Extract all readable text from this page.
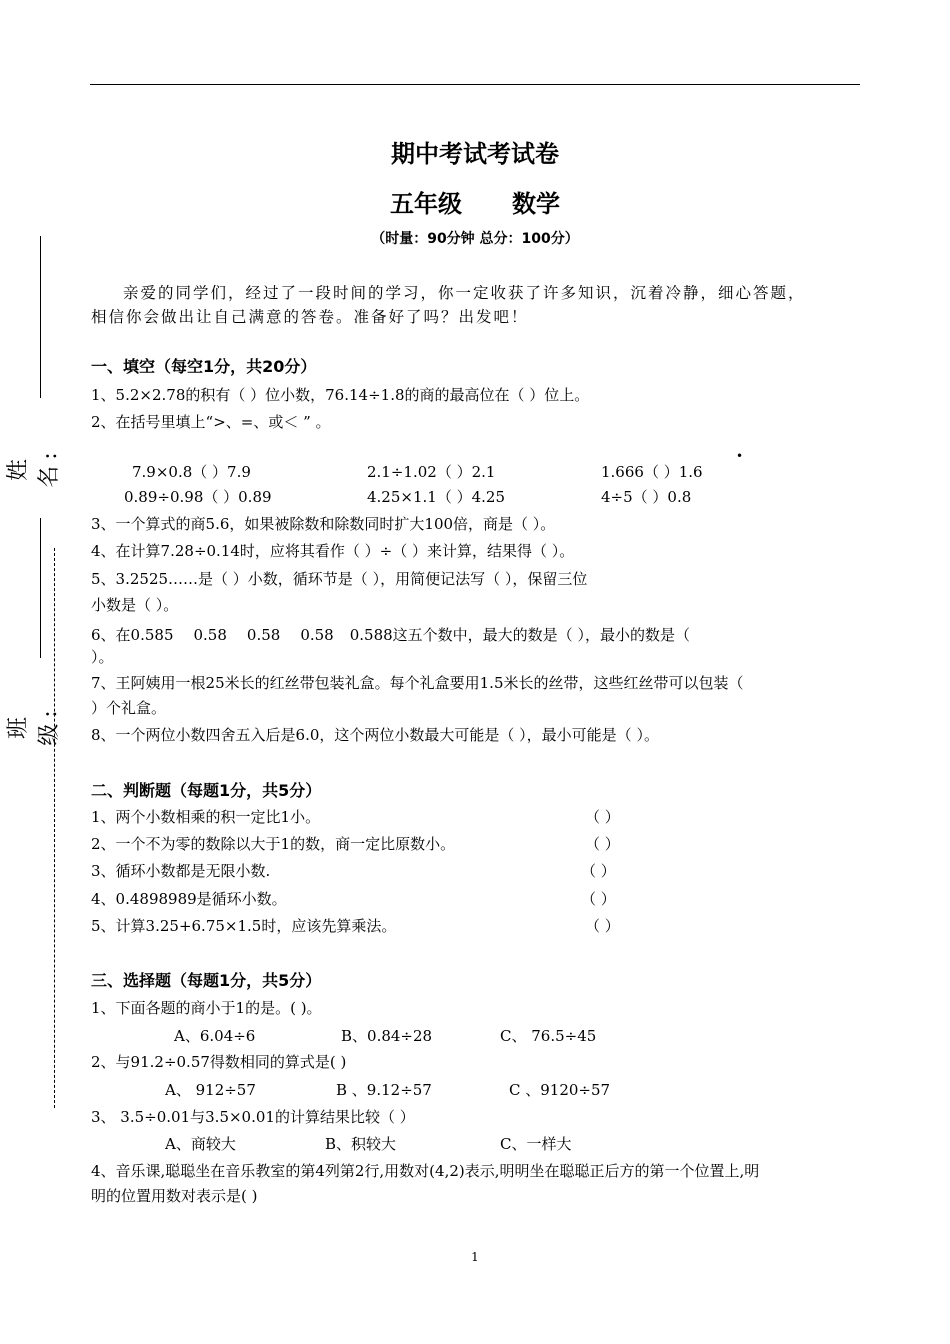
姓名:
班级:
期中考试考试卷
五年级 数学
（时量：90分钟 总分：100分）
亲爱的同学们，经过了一段时间的学习，你一定收获了许多知识，沉着冷静，细心答题，
相信你会做出让自己满意的答卷。准备好了吗？出发吧！
一、填空（每空1分，共20分）
1、5.2×2.78的积有（ ）位小数，76.14÷1.8的商的最高位在（ ）位上。
2、在括号里填上“>、=、或＜ ” 。
7.9×0.8（ ）7.9	2.1÷1.02（ ）2.1	1.666（ ）1.6
•
0.89÷0.98（ ）0.89	4.25×1.1（ ）4.25	4÷5（ ）0.8
3、一个算式的商5.6，如果被除数和除数同时扩大100倍，商是（ ）。
4、在计算7.28÷0.14时，应将其看作（ ）÷（ ）来计算，结果得（ ）。
5、3.2525……是（ ）小数，循环节是（ ），用简便记法写（ ），保留三位
小数是（ ）。
6、在0.585 0.58 0.58 0.58 0.588这五个数中，最大的数是（ ），最小的数是（
）。
7、王阿姨用一根25米长的红丝带包装礼盒。每个礼盒要用1.5米长的丝带，这些红丝带可以包装（
）个礼盒。
8、一个两位小数四舍五入后是6.0，这个两位小数最大可能是（ ），最小可能是（ ）。
二、判断题（每题1分，共5分）
1、两个小数相乘的积一定比1小。	（ ）
2、一个不为零的数除以大于1的数，商一定比原数小。	（ ）
3、循环小数都是无限小数.	（ ）
4、0.4898989是循环小数。	（ ）
5、计算3.25+6.75×1.5时，应该先算乘法。	（ ）
三、选择题（每题1分，共5分）
1、下面各题的商小于1的是。( )。
A、6.04÷6	B、0.84÷28	C、 76.5÷45
2、与91.2÷0.57得数相同的算式是( )
A、 912÷57	B 、9.12÷57	C 、9120÷57
3、 3.5÷0.01与3.5×0.01的计算结果比较（ ）
A、商较大	B、积较大	C、一样大
4、音乐课,聪聪坐在音乐教室的第4列第2行,用数对(4,2)表示,明明坐在聪聪正后方的第一个位置上,明
明的位置用数对表示是( )
1
